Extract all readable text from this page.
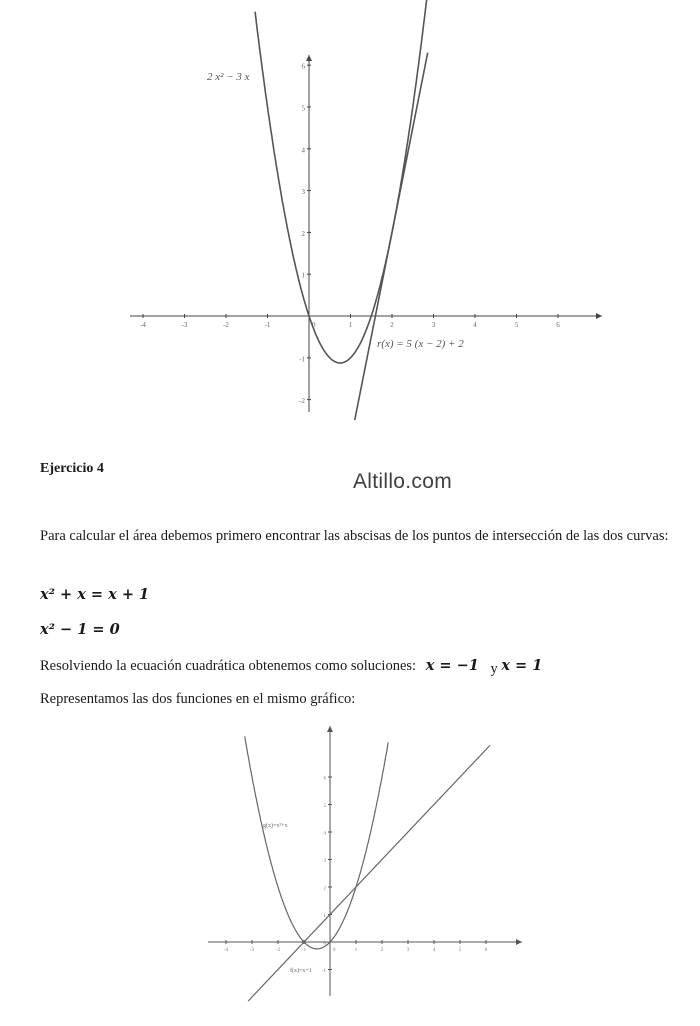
-4	-3	-2	-1	0	1	2	3	4	5	6
-2
-1
1
2
3
4
5
6
2 x² − 3 x
r(x) = 5 (x − 2) + 2
Ejercicio 4
Altillo.com
Para calcular el área debemos primero encontrar las abscisas de los puntos de intersección de las dos curvas:
x² + x = x + 1
x² − 1 = 0
Resolviendo la ecuación cuadrática obtenemos como soluciones: x = −1 y x = 1
Representamos las dos funciones en el mismo gráfico:
-4	-3	-2	-1	0	1	2	3	4	5	6
-1
0
1
2
3
4
5
6
g(x)=x²+x
f(x)=x+1
